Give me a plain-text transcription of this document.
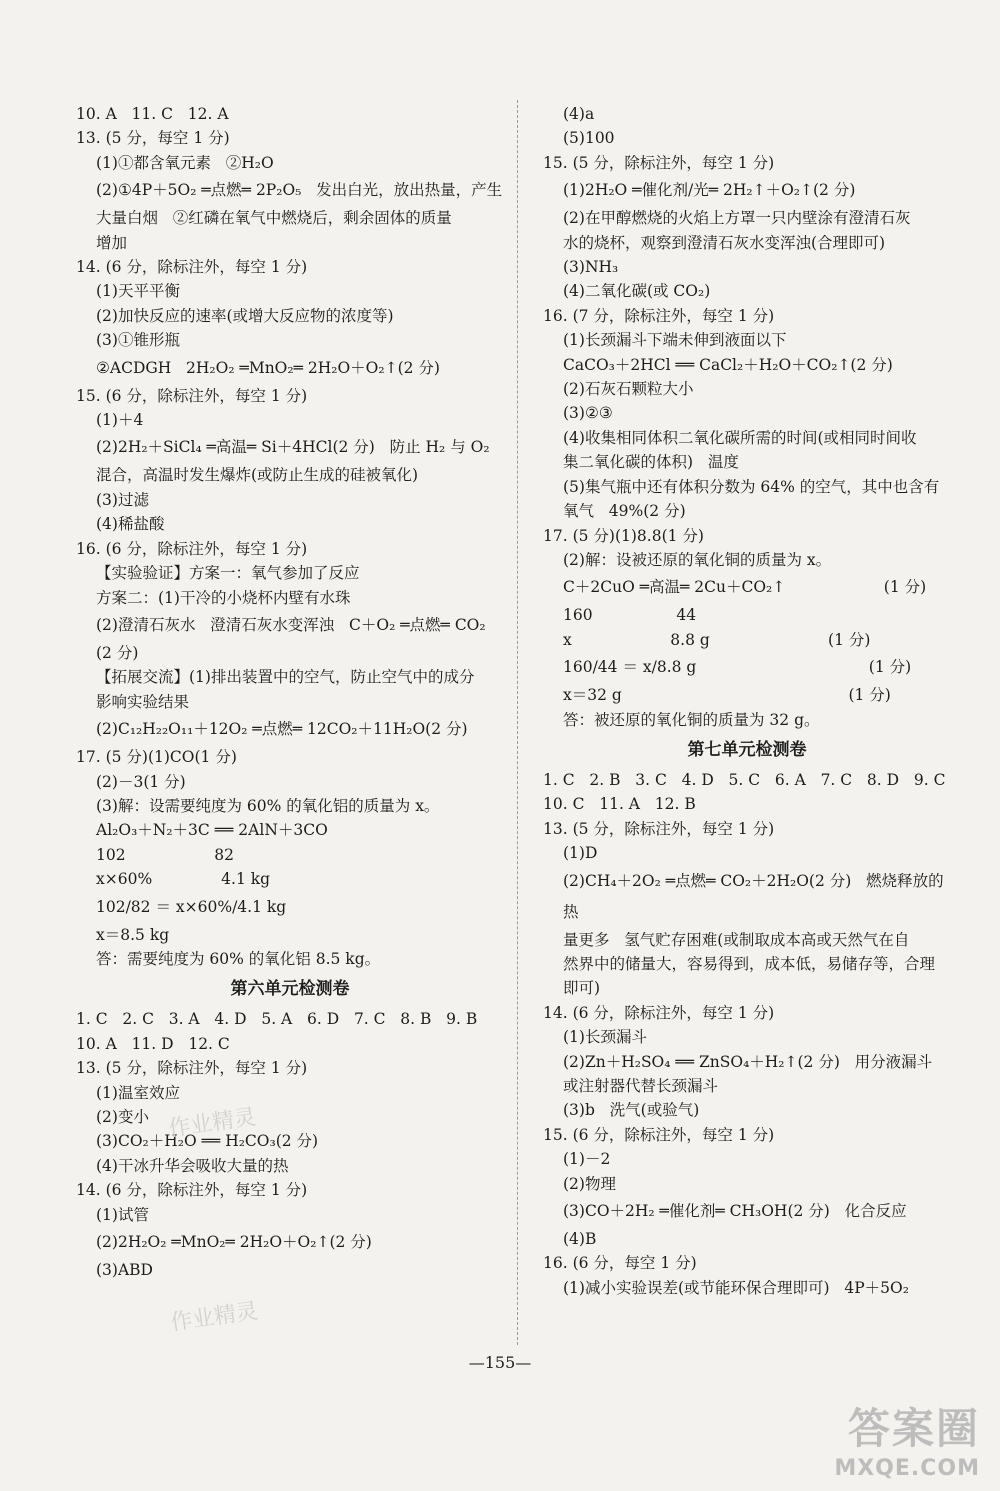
10. A   11. C   12. A
13. (5 分，每空 1 分)
(1)①都含氧元素   ②H₂O
(2)①4P＋5O₂ ═点燃═ 2P₂O₅   发出白光，放出热量，产生
大量白烟   ②红磷在氧气中燃烧后，剩余固体的质量
增加
14. (6 分，除标注外，每空 1 分)
(1)天平平衡
(2)加快反应的速率(或增大反应物的浓度等)
(3)①锥形瓶
②ACDGH   2H₂O₂ ═MnO₂═ 2H₂O＋O₂↑(2 分)
15. (6 分，除标注外，每空 1 分)
(1)＋4
(2)2H₂＋SiCl₄ ═高温═ Si＋4HCl(2 分)   防止 H₂ 与 O₂
混合，高温时发生爆炸(或防止生成的硅被氧化)
(3)过滤
(4)稀盐酸
16. (6 分，除标注外，每空 1 分)
【实验验证】方案一：氧气参加了反应
方案二：(1)干冷的小烧杯内壁有水珠
(2)澄清石灰水   澄清石灰水变浑浊   C＋O₂ ═点燃═ CO₂
(2 分)
【拓展交流】(1)排出装置中的空气，防止空气中的成分
影响实验结果
(2)C₁₂H₂₂O₁₁＋12O₂ ═点燃═ 12CO₂＋11H₂O(2 分)
17. (5 分)(1)CO(1 分)
(2)－3(1 分)
(3)解：设需要纯度为 60% 的氧化铝的质量为 x。
Al₂O₃＋N₂＋3C ══ 2AlN＋3CO
102                  82
x×60%              4.1 kg
102/82 ＝ x×60%/4.1 kg
x＝8.5 kg
答：需要纯度为 60% 的氧化铝 8.5 kg。
第六单元检测卷
1. C   2. C   3. A   4. D   5. A   6. D   7. C   8. B   9. B
10. A   11. D   12. C
13. (5 分，除标注外，每空 1 分)
(1)温室效应
(2)变小
(3)CO₂＋H₂O ══ H₂CO₃(2 分)
(4)干冰升华会吸收大量的热
14. (6 分，除标注外，每空 1 分)
(1)试管
(2)2H₂O₂ ═MnO₂═ 2H₂O＋O₂↑(2 分)
(3)ABD
(4)a
(5)100
15. (5 分，除标注外，每空 1 分)
(1)2H₂O ═催化剂/光═ 2H₂↑＋O₂↑(2 分)
(2)在甲醇燃烧的火焰上方罩一只内壁涂有澄清石灰
水的烧杯，观察到澄清石灰水变浑浊(合理即可)
(3)NH₃
(4)二氧化碳(或 CO₂)
16. (7 分，除标注外，每空 1 分)
(1)长颈漏斗下端未伸到液面以下
CaCO₃＋2HCl ══ CaCl₂＋H₂O＋CO₂↑(2 分)
(2)石灰石颗粒大小
(3)②③
(4)收集相同体积二氧化碳所需的时间(或相同时间收
集二氧化碳的体积)   温度
(5)集气瓶中还有体积分数为 64% 的空气，其中也含有
氧气   49%(2 分)
17. (5 分)(1)8.8(1 分)
(2)解：设被还原的氧化铜的质量为 x。
C＋2CuO ═高温═ 2Cu＋CO₂↑                    (1 分)
160                 44
x                    8.8 g                        (1 分)
160/44 ＝ x/8.8 g                                   (1 分)
x＝32 g                                              (1 分)
答：被还原的氧化铜的质量为 32 g。
第七单元检测卷
1. C   2. B   3. C   4. D   5. C   6. A   7. C   8. D   9. C
10. C   11. A   12. B
13. (5 分，除标注外，每空 1 分)
(1)D
(2)CH₄＋2O₂ ═点燃═ CO₂＋2H₂O(2 分)   燃烧释放的热
量更多   氢气贮存困难(或制取成本高或天然气在自
然界中的储量大，容易得到，成本低，易储存等，合理
即可)
14. (6 分，除标注外，每空 1 分)
(1)长颈漏斗
(2)Zn＋H₂SO₄ ══ ZnSO₄＋H₂↑(2 分)   用分液漏斗
或注射器代替长颈漏斗
(3)b   洗气(或验气)
15. (6 分，除标注外，每空 1 分)
(1)－2
(2)物理
(3)CO＋2H₂ ═催化剂═ CH₃OH(2 分)   化合反应
(4)B
16. (6 分，每空 1 分)
(1)减小实验误差(或节能环保合理即可)   4P＋5O₂
作业精灵
作业精灵
—155—
答案圈
MXQE.COM
